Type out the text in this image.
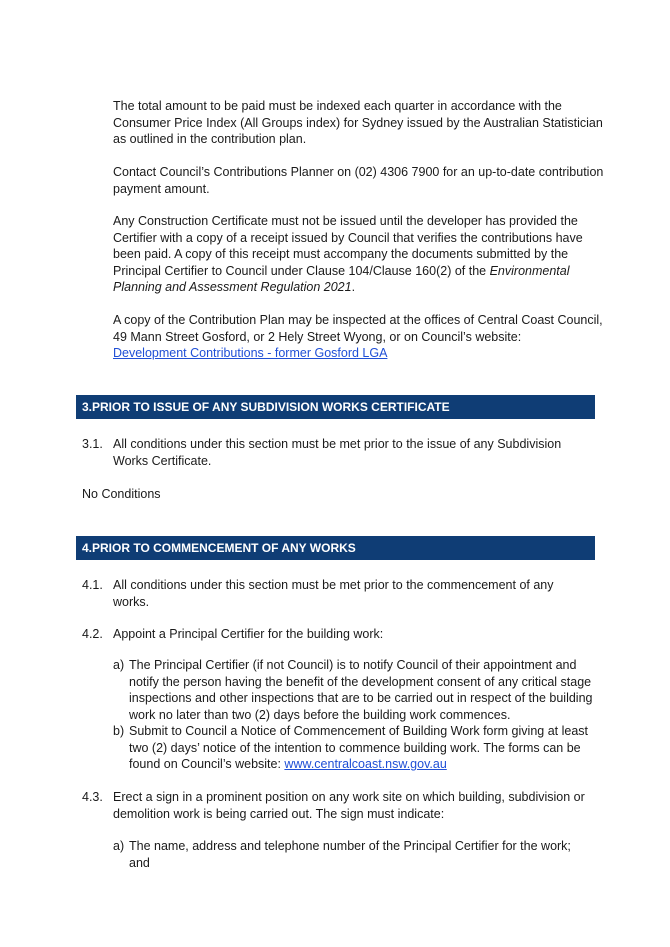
The total amount to be paid must be indexed each quarter in accordance with the Consumer Price Index (All Groups index) for Sydney issued by the Australian Statistician as outlined in the contribution plan.

Contact Council’s Contributions Planner on (02) 4306 7900 for an up-to-date contribution payment amount.

Any Construction Certificate must not be issued until the developer has provided the Certifier with a copy of a receipt issued by Council that verifies the contributions have been paid. A copy of this receipt must accompany the documents submitted by the Principal Certifier to Council under Clause 104/Clause 160(2) of the Environmental Planning and Assessment Regulation 2021.

A copy of the Contribution Plan may be inspected at the offices of Central Coast Council, 49 Mann Street Gosford, or 2 Hely Street Wyong, or on Council’s website:
Development Contributions - former Gosford LGA

3.PRIOR TO ISSUE OF ANY SUBDIVISION WORKS CERTIFICATE
3.1. All conditions under this section must be met prior to the issue of any Subdivision Works Certificate.

No Conditions
4.PRIOR TO COMMENCEMENT OF ANY WORKS
4.1. All conditions under this section must be met prior to the commencement of any works.

4.2. Appoint a Principal Certifier for the building work:

a) The Principal Certifier (if not Council) is to notify Council of their appointment and notify the person having the benefit of the development consent of any critical stage inspections and other inspections that are to be carried out in respect of the building work no later than two (2) days before the building work commences.
b) Submit to Council a Notice of Commencement of Building Work form giving at least two (2) days’ notice of the intention to commence building work. The forms can be found on Council’s website: www.centralcoast.nsw.gov.au
4.3. Erect a sign in a prominent position on any work site on which building, subdivision or demolition work is being carried out. The sign must indicate:

a) The name, address and telephone number of the Principal Certifier for the work; and
